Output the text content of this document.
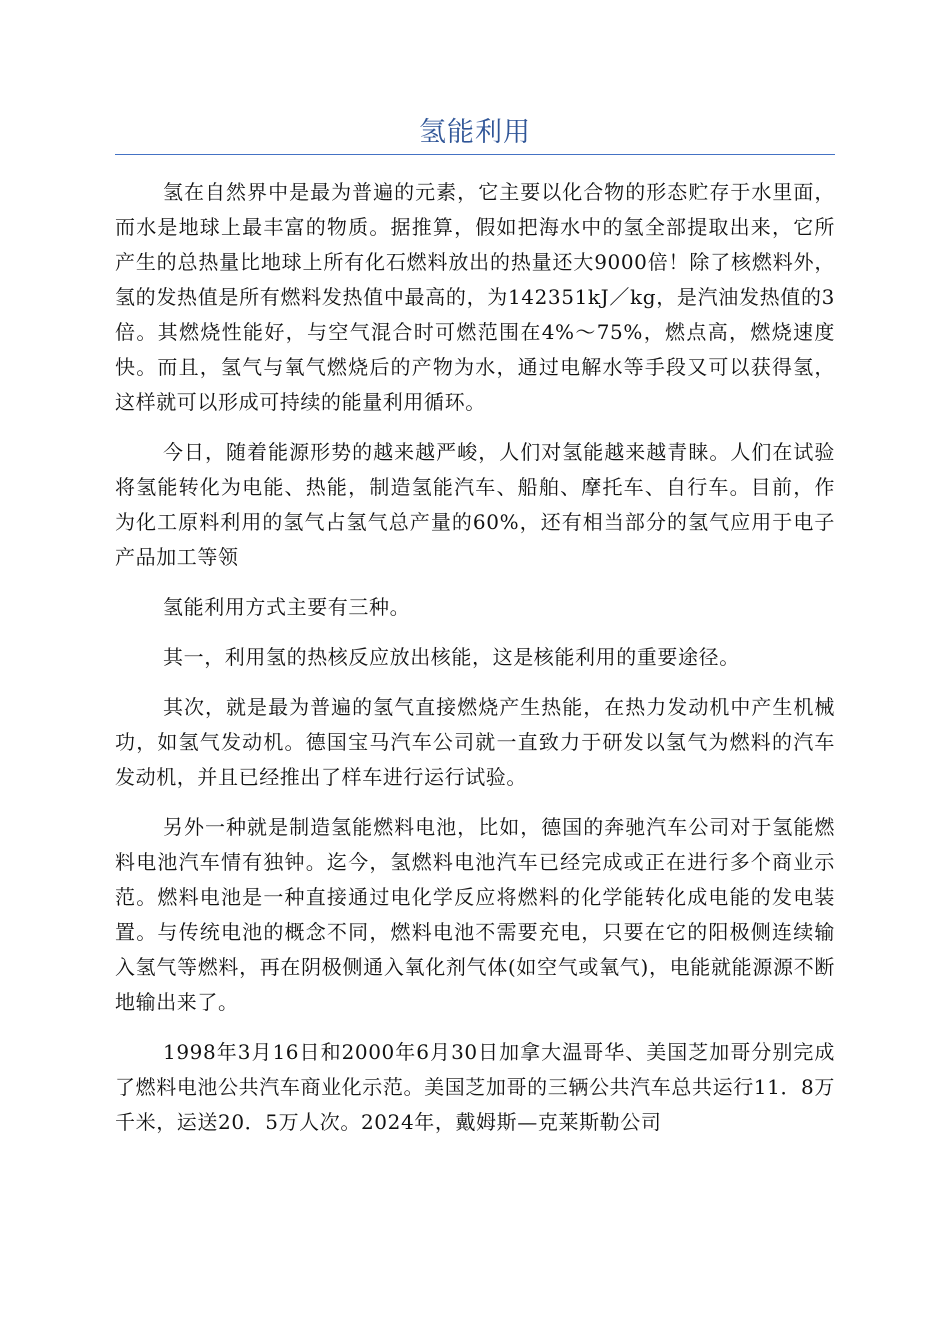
氢能利用

氢在自然界中是最为普遍的元素，它主要以化合物的形态贮存于水里面，而水是地球上最丰富的物质。据推算，假如把海水中的氢全部提取出来，它所产生的总热量比地球上所有化石燃料放出的热量还大9000倍！除了核燃料外，氢的发热值是所有燃料发热值中最高的，为142351kJ／kg，是汽油发热值的3倍。其燃烧性能好，与空气混合时可燃范围在4%～75%，燃点高，燃烧速度快。而且，氢气与氧气燃烧后的产物为水，通过电解水等手段又可以获得氢，这样就可以形成可持续的能量利用循环。

今日，随着能源形势的越来越严峻，人们对氢能越来越青睐。人们在试验将氢能转化为电能、热能，制造氢能汽车、船舶、摩托车、自行车。目前，作为化工原料利用的氢气占氢气总产量的60%，还有相当部分的氢气应用于电子产品加工等领

氢能利用方式主要有三种。

其一，利用氢的热核反应放出核能，这是核能利用的重要途径。

其次，就是最为普遍的氢气直接燃烧产生热能，在热力发动机中产生机械功，如氢气发动机。德国宝马汽车公司就一直致力于研发以氢气为燃料的汽车发动机，并且已经推出了样车进行运行试验。

另外一种就是制造氢能燃料电池，比如，德国的奔驰汽车公司对于氢能燃料电池汽车情有独钟。迄今，氢燃料电池汽车已经完成或正在进行多个商业示范。燃料电池是一种直接通过电化学反应将燃料的化学能转化成电能的发电装置。与传统电池的概念不同，燃料电池不需要充电，只要在它的阳极侧连续输入氢气等燃料，再在阴极侧通入氧化剂气体(如空气或氧气)，电能就能源源不断地输出来了。

1998年3月16日和2000年6月30日加拿大温哥华、美国芝加哥分别完成了燃料电池公共汽车商业化示范。美国芝加哥的三辆公共汽车总共运行11．8万千米，运送20．5万人次。2024年，戴姆斯—克莱斯勒公司
